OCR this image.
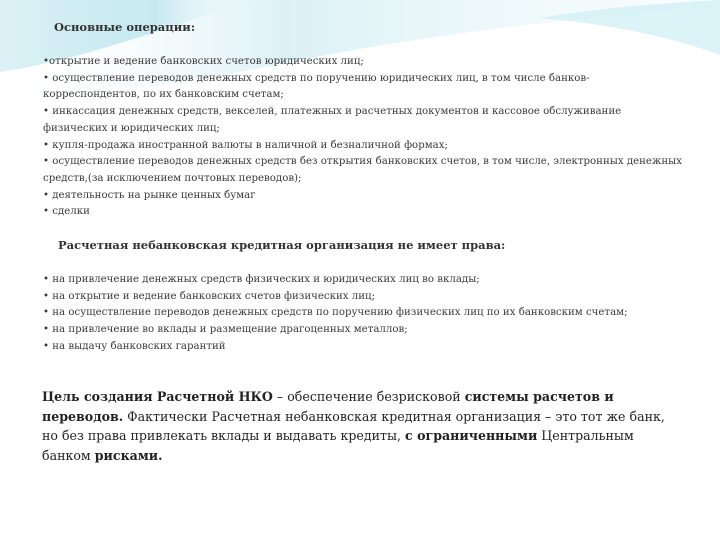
Основные операции:
•открытие и ведение банковских счетов юридических лиц;
• осуществление переводов денежных средств по поручению юридических лиц, в том числе банков-корреспондентов, по их банковским счетам;
• инкассация денежных средств, векселей, платежных и расчетных документов и кассовое обслуживание физических и юридических лиц;
• купля-продажа иностранной валюты в наличной и безналичной формах;
• осуществление переводов денежных средств без открытия банковских счетов, в том числе, электронных денежных средств,(за исключением почтовых переводов);
• деятельность на рынке ценных бумаг
• сделки
Расчетная небанковская кредитная организация не имеет права:
• на привлечение денежных средств физических и юридических лиц во вклады;
• на открытие и ведение банковских счетов физических лиц;
• на осуществление переводов денежных средств по поручению физических лиц по их банковским счетам;
• на привлечение во вклады и размещение драгоценных металлов;
• на выдачу банковских гарантий

Цель создания Расчетной НКО – обеспечение безрисковой системы расчетов и переводов. Фактически Расчетная небанковская кредитная организация – это тот же банк, но без права привлекать вклады и выдавать кредиты, с ограниченными Центральным банком рисками.
